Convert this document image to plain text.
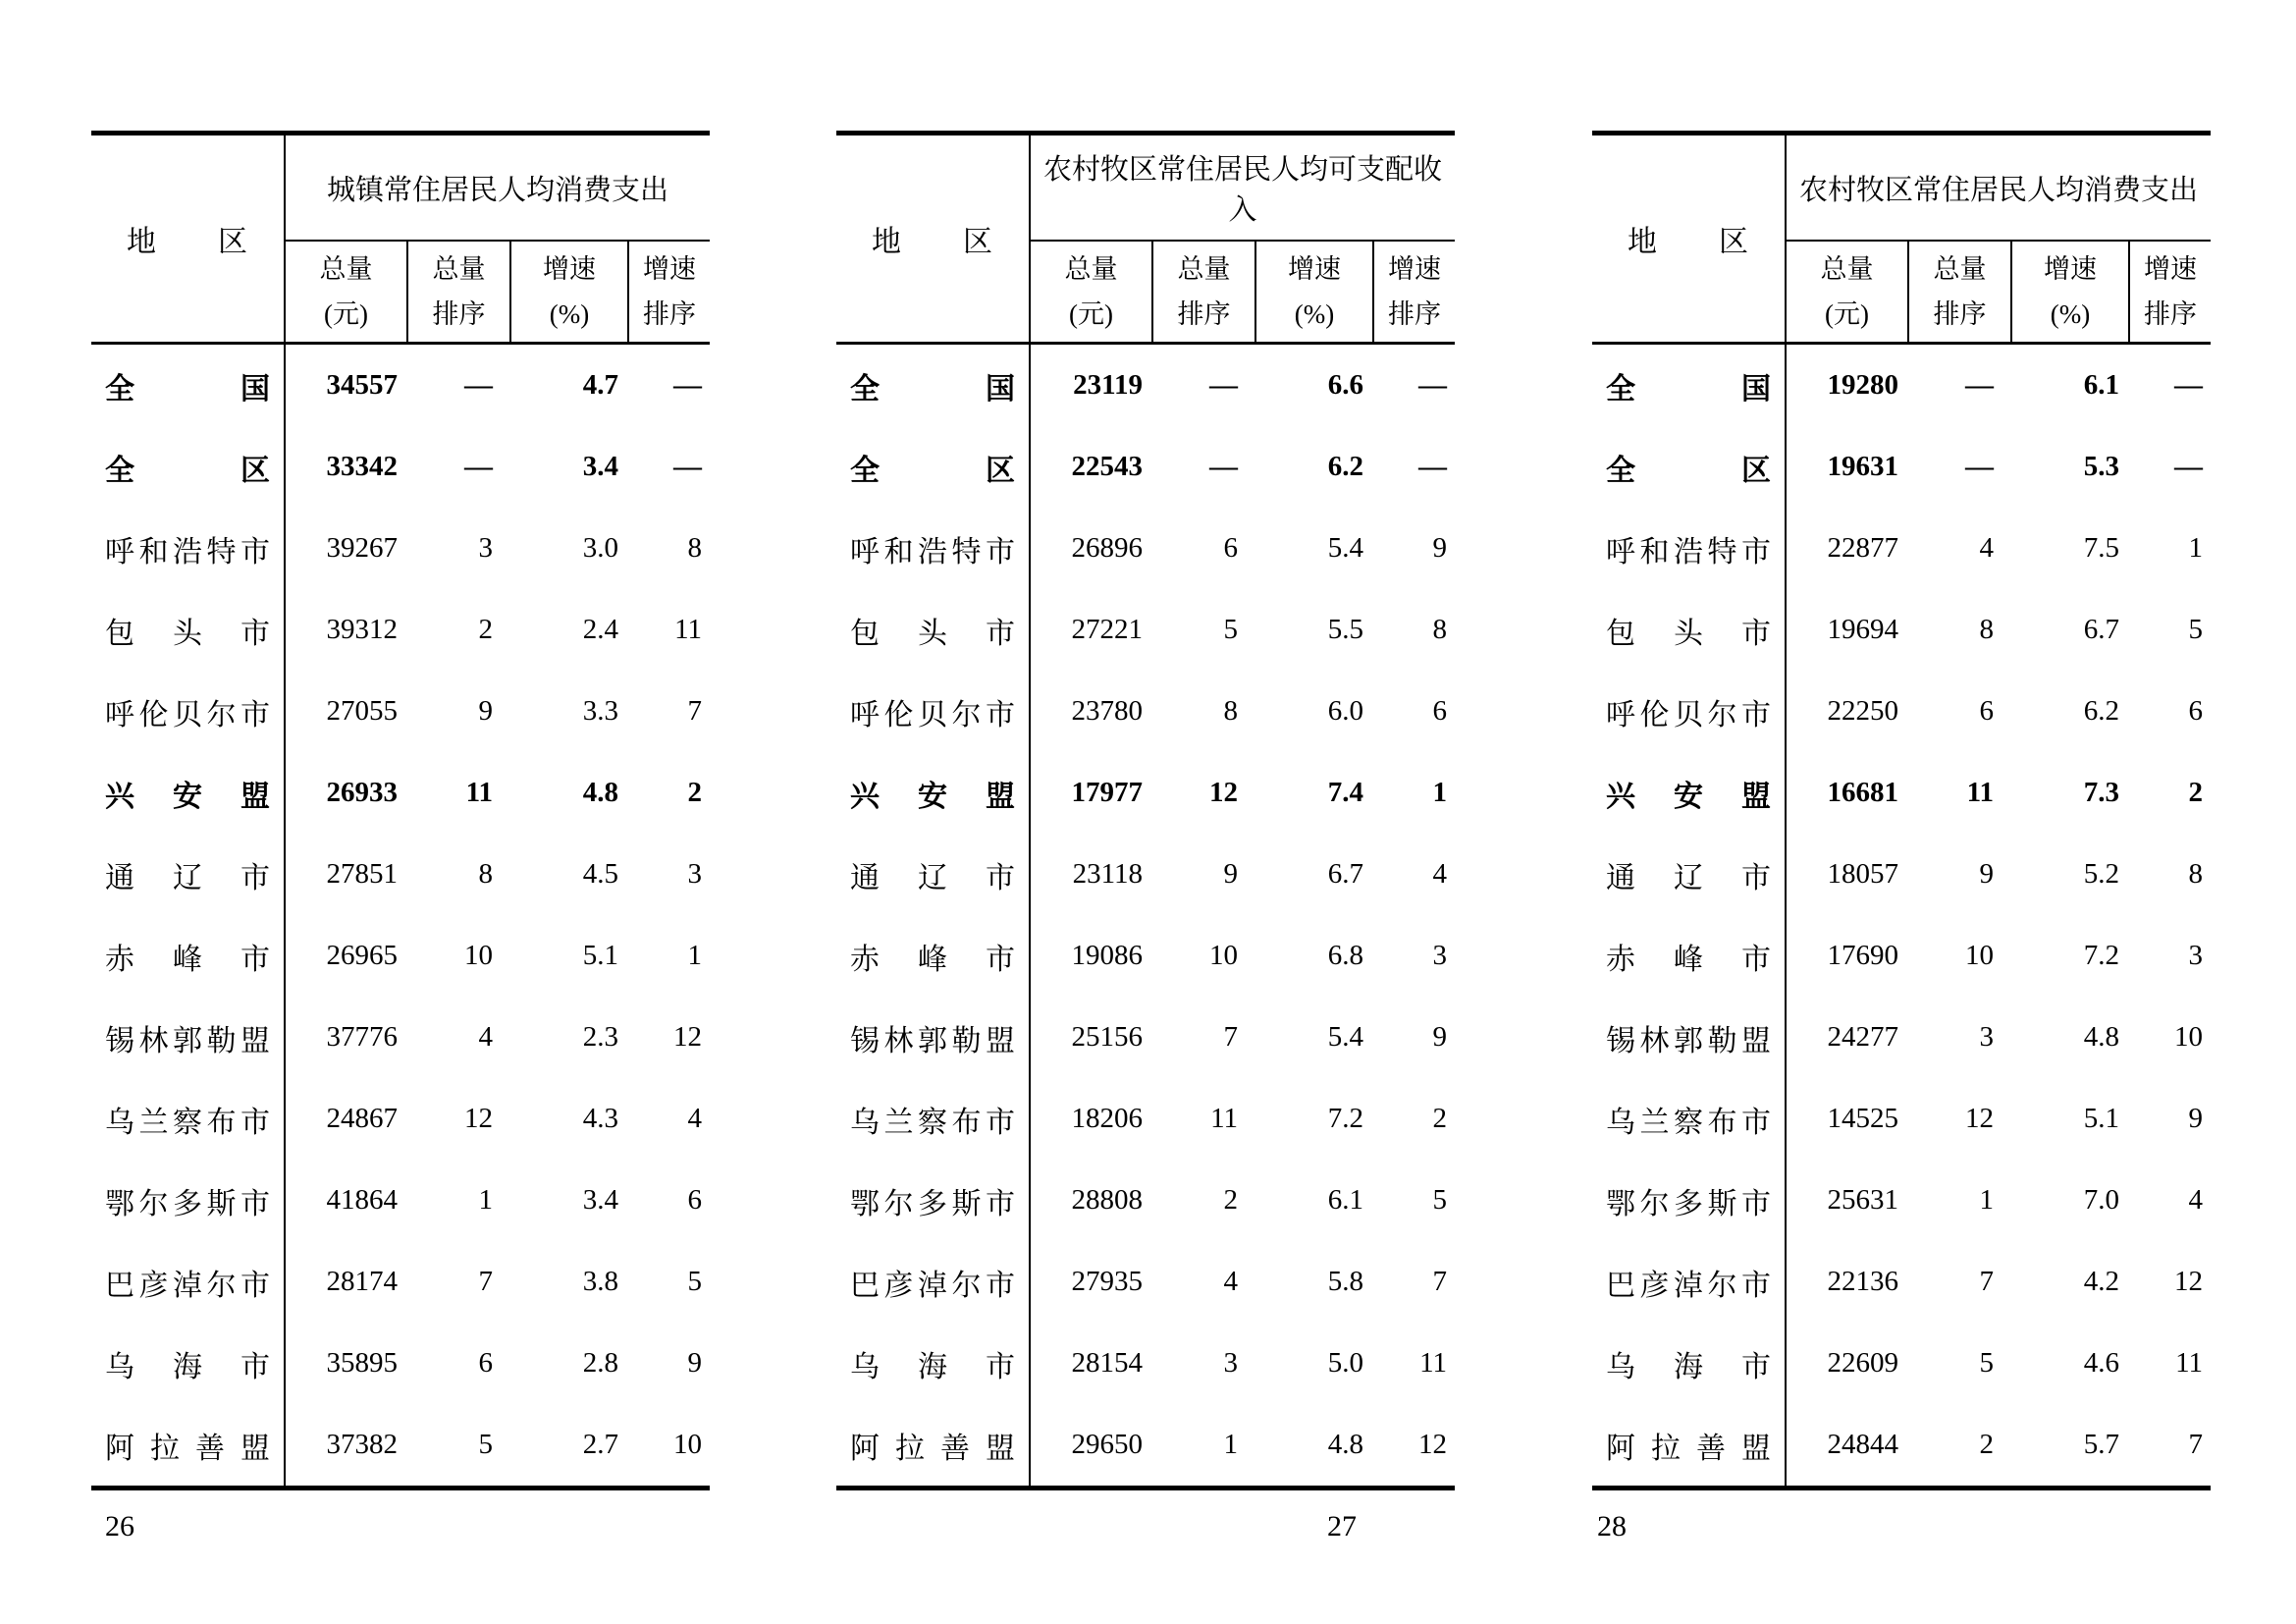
地　　区	城镇常住居民人均消费支出			

总量
(元)

总量
排序

增速
(%)

增速
排序

全国	34557	—	4.7	—
全区	33342	—	3.4	—
呼和浩特市	39267	3	3.0	8
包头市	39312	2	2.4	11
呼伦贝尔市	27055	9	3.3	7
兴安盟	26933	11	4.8	2
通辽市	27851	8	4.5	3
赤峰市	26965	10	5.1	1
锡林郭勒盟	37776	4	2.3	12
乌兰察布市	24867	12	4.3	4
鄂尔多斯市	41864	1	3.4	6
巴彦淖尔市	28174	7	3.8	5
乌海市	35895	6	2.8	9
阿拉善盟	37382	5	2.7	10
26
地　　区	农村牧区常住居民人均可支配收入			

总量
(元)

总量
排序

增速
(%)

增速
排序

全国	23119	—	6.6	—
全区	22543	—	6.2	—
呼和浩特市	26896	6	5.4	9
包头市	27221	5	5.5	8
呼伦贝尔市	23780	8	6.0	6
兴安盟	17977	12	7.4	1
通辽市	23118	9	6.7	4
赤峰市	19086	10	6.8	3
锡林郭勒盟	25156	7	5.4	9
乌兰察布市	18206	11	7.2	2
鄂尔多斯市	28808	2	6.1	5
巴彦淖尔市	27935	4	5.8	7
乌海市	28154	3	5.0	11
阿拉善盟	29650	1	4.8	12
27
地　　区	农村牧区常住居民人均消费支出			

总量
(元)

总量
排序

增速
(%)

增速
排序

全国	19280	—	6.1	—
全区	19631	—	5.3	—
呼和浩特市	22877	4	7.5	1
包头市	19694	8	6.7	5
呼伦贝尔市	22250	6	6.2	6
兴安盟	16681	11	7.3	2
通辽市	18057	9	5.2	8
赤峰市	17690	10	7.2	3
锡林郭勒盟	24277	3	4.8	10
乌兰察布市	14525	12	5.1	9
鄂尔多斯市	25631	1	7.0	4
巴彦淖尔市	22136	7	4.2	12
乌海市	22609	5	4.6	11
阿拉善盟	24844	2	5.7	7
28
